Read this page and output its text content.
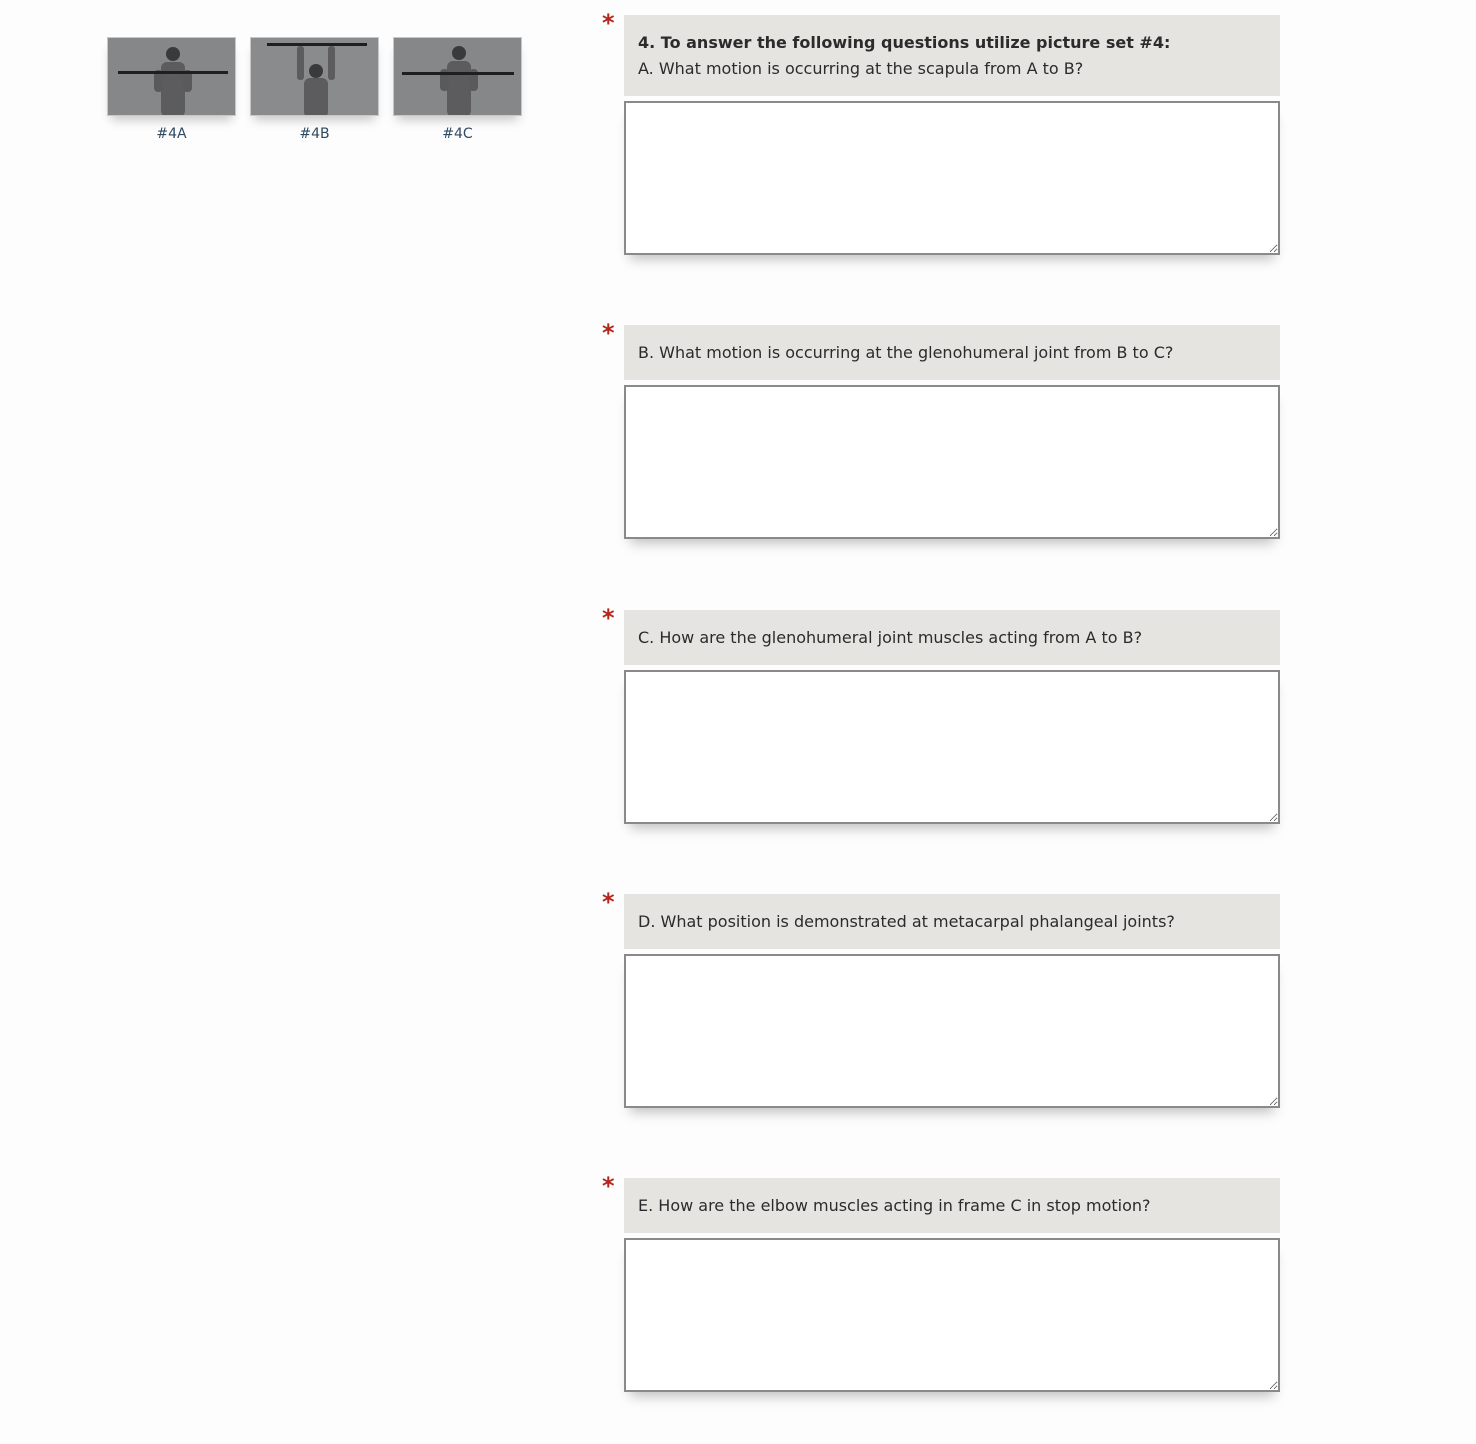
#4A	#4B	#4C
*
4. To answer the following questions utilize picture set #4:
A. What motion is occurring at the scapula from A to B?
*
B. What motion is occurring at the glenohumeral joint from B to C?
*
C. How are the glenohumeral joint muscles acting from A to B?
*
D. What position is demonstrated at metacarpal phalangeal joints?
*
E. How are the elbow muscles acting in frame C in stop motion?
